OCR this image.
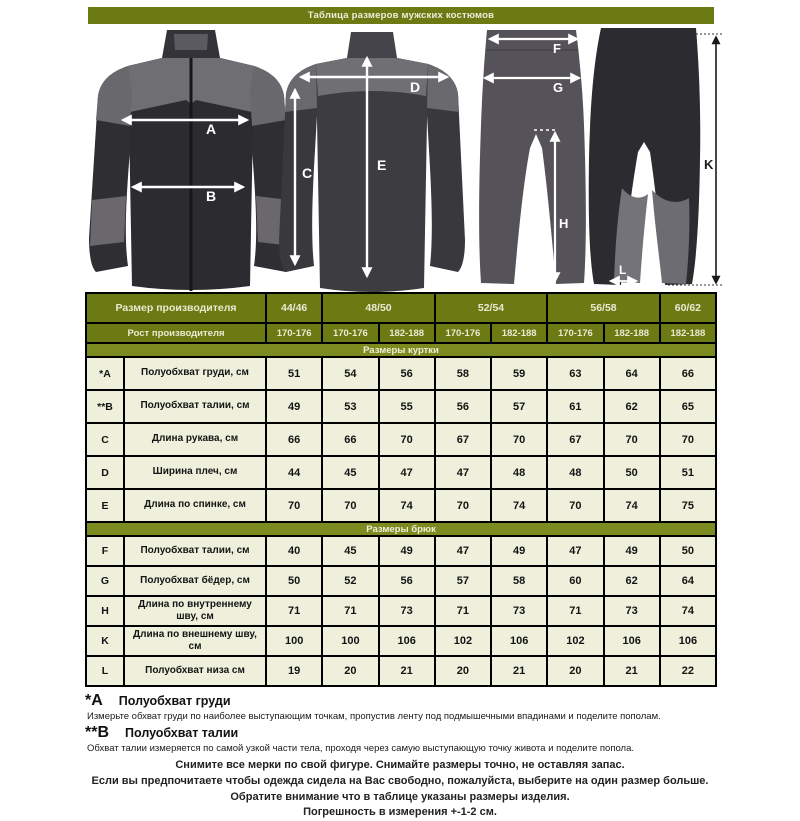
Таблица размеров мужских костюмов
A
B
D
E
C
F
G
H
K
L
Размер производителя		44/46	48/50		52/54		56/58		60/62
Рост производителя		170-176	170-176	182-188	170-176	182-188	170-176	182-188	182-188
Размеры куртки									
*A	Полуобхват груди, см	51	54	56	58	59	63	64	66
**B	Полуобхват талии, см	49	53	55	56	57	61	62	65
C	Длина рукава, см	66	66	70	67	70	67	70	70
D	Ширина плеч, см	44	45	47	47	48	48	50	51
E	Длина по спинке, см	70	70	74	70	74	70	74	75
Размеры брюк									
F	Полуобхват талии, см	40	45	49	47	49	47	49	50
G	Полуобхват бёдер, см	50	52	56	57	58	60	62	64
H	Длина по внутреннему шву, см	71	71	73	71	73	71	73	74
K	Длина по внешнему шву, см	100	100	106	102	106	102	106	106
L	Полуобхват низа см	19	20	21	20	21	20	21	22
*A Полуобхват груди
Измерьте обхват груди по наиболее выступающим точкам, пропустив ленту под подмышечными впадинами и поделите пополам.
**B Полуобхват талии
Обхват талии измеряется по самой узкой части тела, проходя через самую выступающую точку живота и поделите попола.
Снимите все мерки по свой фигуре. Снимайте размеры точно, не оставляя запас.
Если вы предпочитаете чтобы одежда сидела на Вас свободно, пожалуйста, выберите на один размер больше.
Обратите внимание что в таблице указаны размеры изделия.
Погрешность в измерения +-1-2 см.
